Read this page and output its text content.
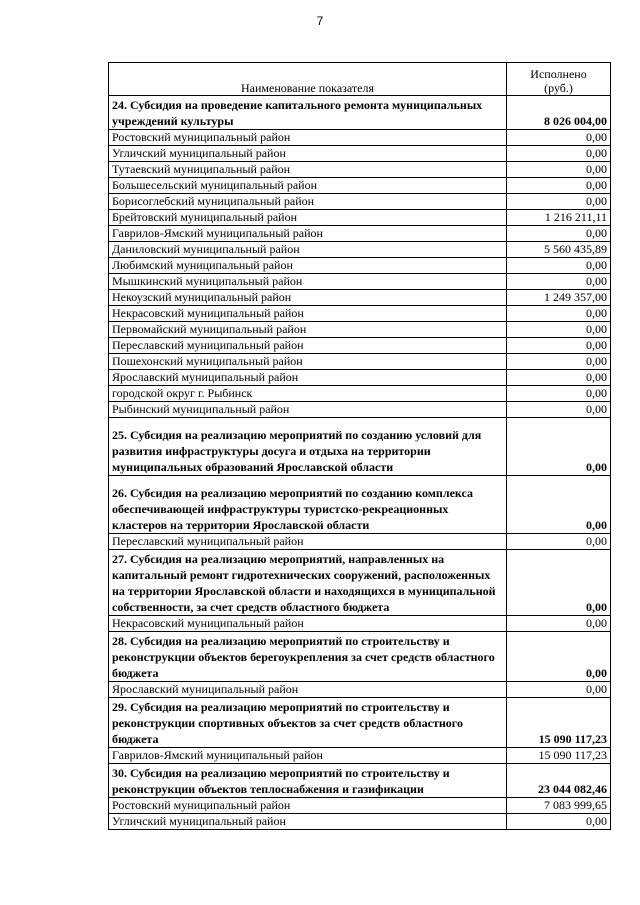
7
Наименование показателя	Исполнено
(руб.)
24. Субсидия на проведение капитального ремонта муниципальных учреждений культуры	8 026 004,00
Ростовский муниципальный район	0,00
Угличский муниципальный район	0,00
Тутаевский муниципальный район	0,00
Большесельский муниципальный район	0,00
Борисоглебский муниципальный район	0,00
Брейтовский муниципальный район	1 216 211,11
Гаврилов-Ямский муниципальный район	0,00
Даниловский муниципальный район	5 560 435,89
Любимский муниципальный район	0,00
Мышкинский муниципальный район	0,00
Некоузский муниципальный район	1 249 357,00
Некрасовский муниципальный район	0,00
Первомайский муниципальный район	0,00
Переславский муниципальный район	0,00
Пошехонский муниципальный район	0,00
Ярославский муниципальный район	0,00
городской округ г. Рыбинск	0,00
Рыбинский муниципальный район	0,00
25. Субсидия на реализацию мероприятий по созданию условий для развития инфраструктуры досуга и отдыха на территории муниципальных образований Ярославской области	0,00
26. Субсидия на реализацию мероприятий по созданию комплекса обеспечивающей инфраструктуры туристско-рекреационных кластеров на территории Ярославской области	0,00
Переславский муниципальный район	0,00
27. Субсидия на реализацию мероприятий, направленных на капитальный ремонт гидротехнических сооружений, расположенных на территории Ярославской области и находящихся в муниципальной собственности, за счет средств областного бюджета	0,00
Некрасовский муниципальный район	0,00
28. Субсидия на реализацию мероприятий по строительству и реконструкции объектов берегоукрепления за счет средств областного бюджета	0,00
Ярославский муниципальный район	0,00
29. Субсидия на реализацию мероприятий по строительству и реконструкции спортивных объектов за счет средств областного бюджета	15 090 117,23
Гаврилов-Ямский муниципальный район	15 090 117,23
30. Субсидия на реализацию мероприятий по строительству и реконструкции объектов теплоснабжения и газификации	23 044 082,46
Ростовский муниципальный район	7 083 999,65
Угличский муниципальный район	0,00
